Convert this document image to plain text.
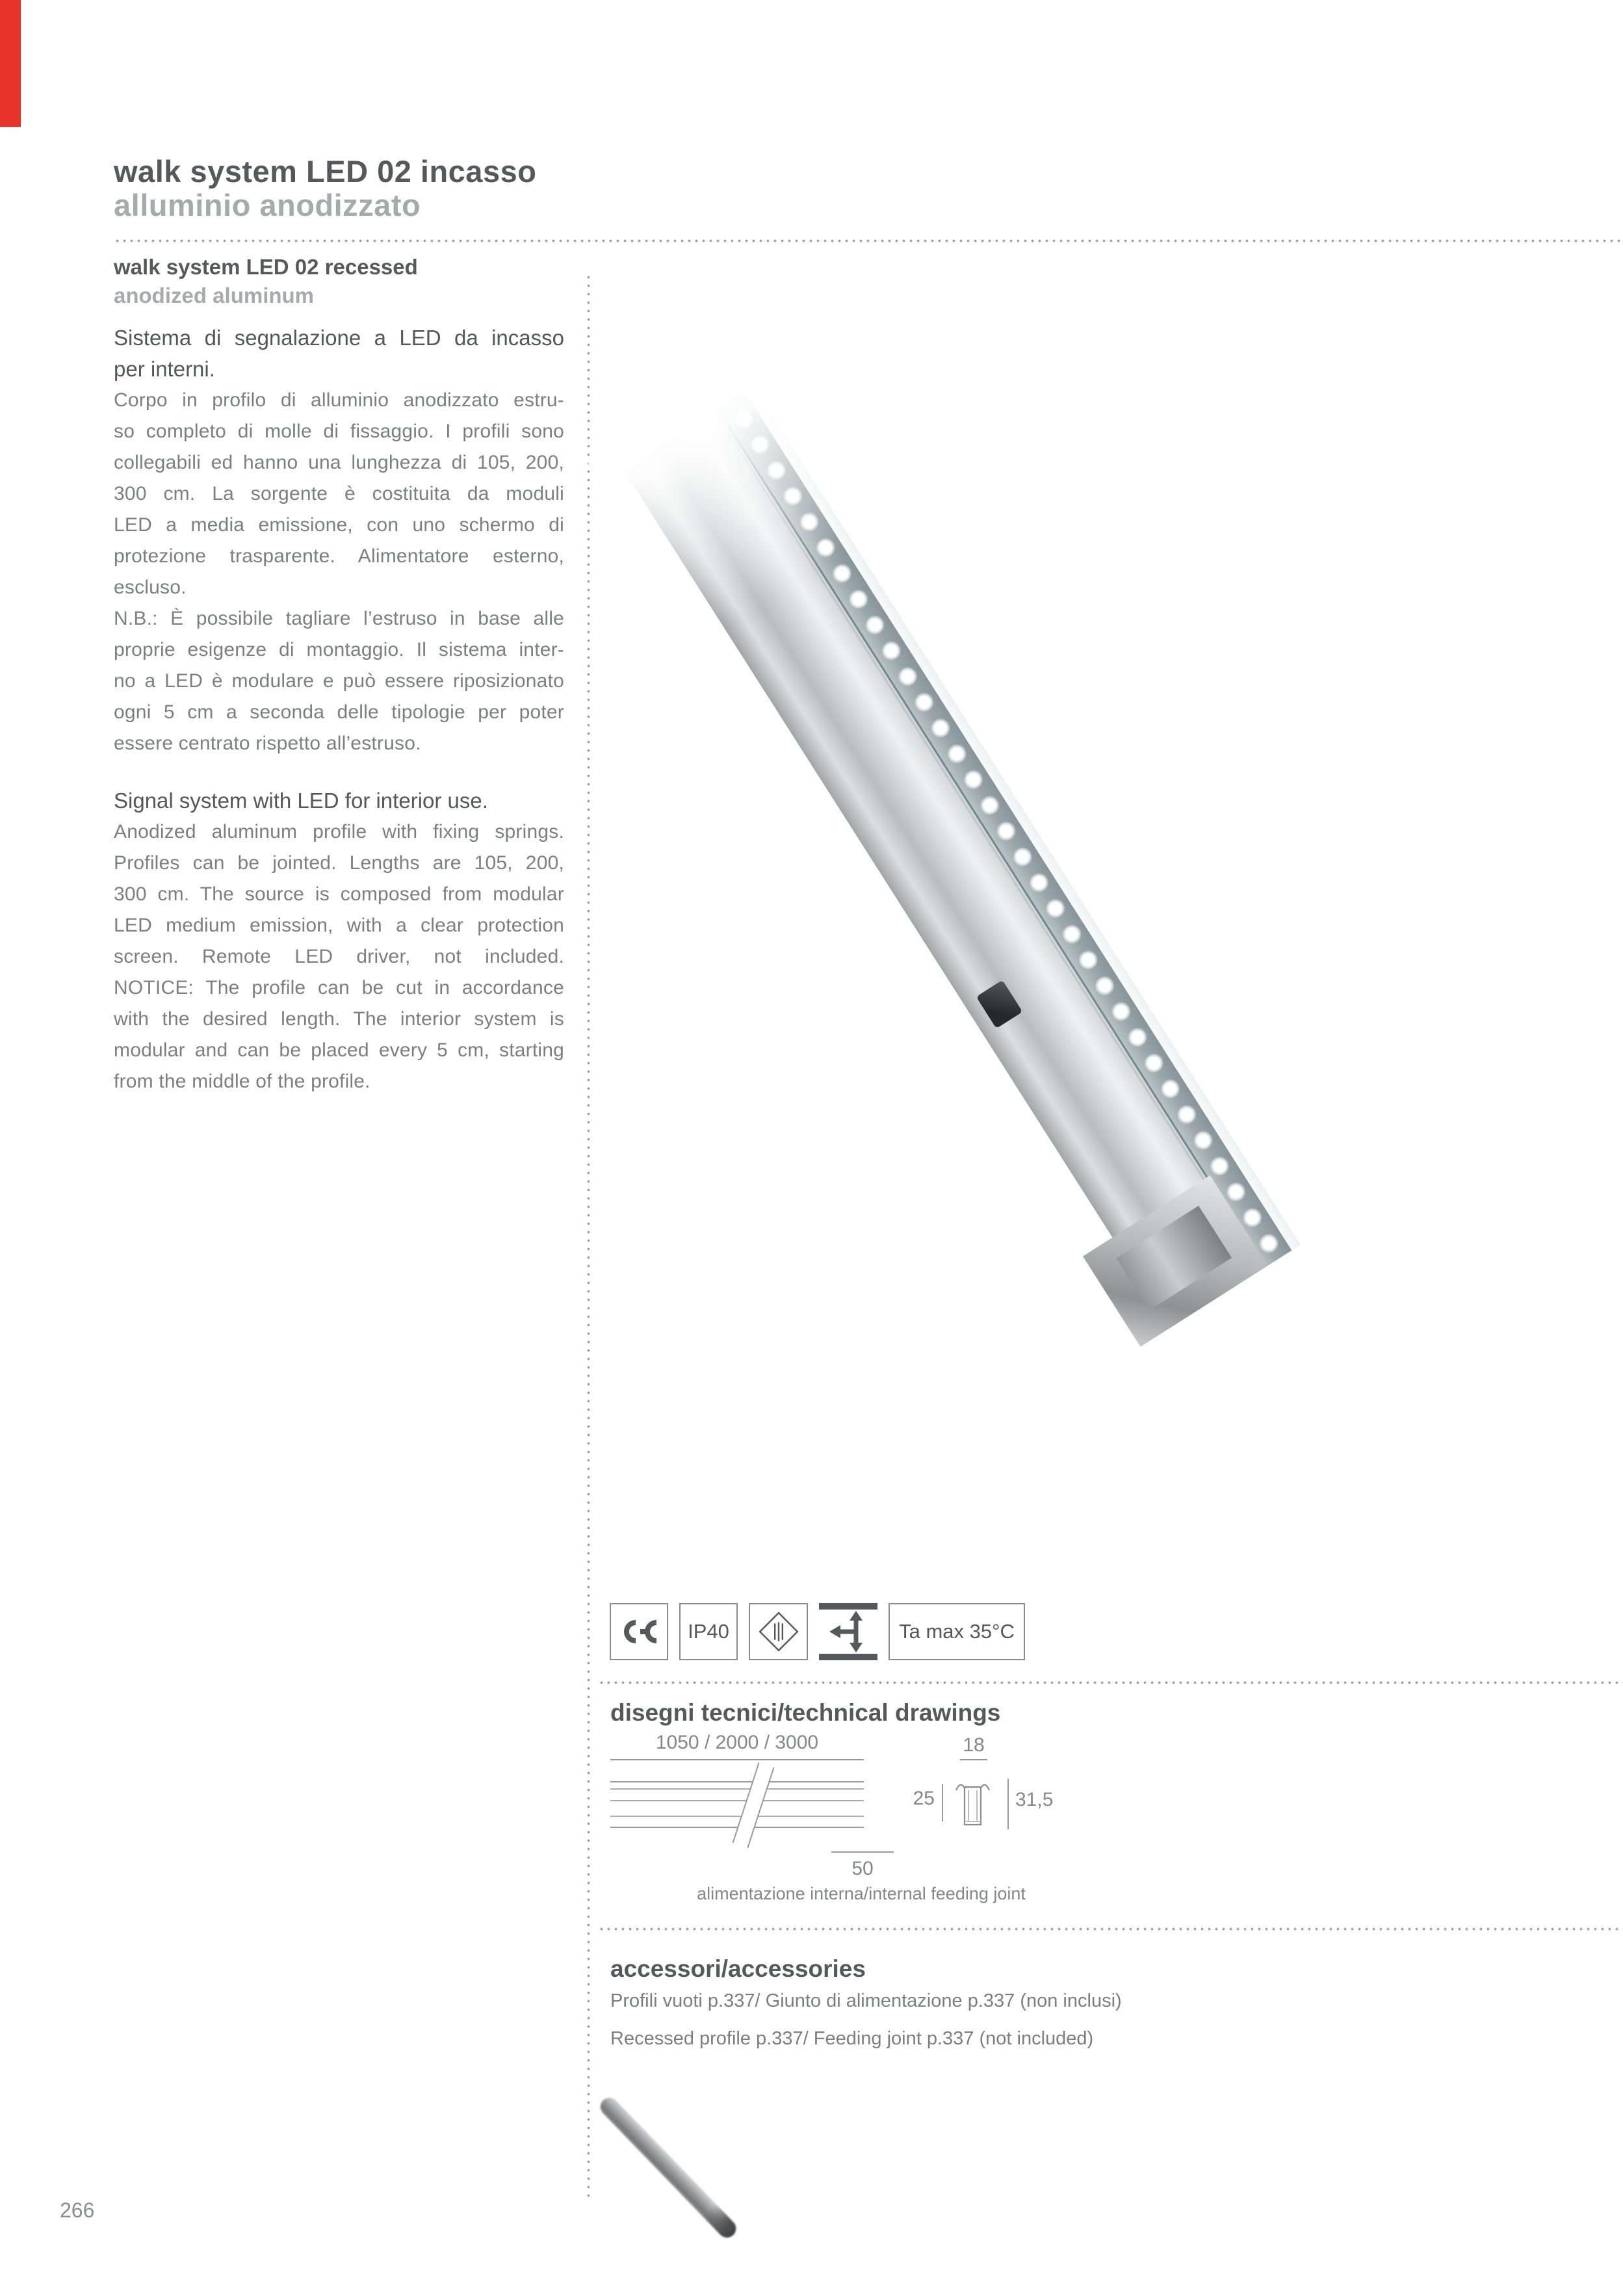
walk system LED 02 incasso
alluminio anodizzato
walk system LED 02 recessed
anodized aluminum
Sistema di segnalazione a LED da incasso
per interni.
Corpo in profilo di alluminio anodizzato estru-
so completo di molle di fissaggio. I profili sono
collegabili ed hanno una lunghezza di 105, 200,
300 cm. La sorgente è costituita da moduli
LED a media emissione, con uno schermo di
protezione trasparente. Alimentatore esterno,
escluso.
N.B.: È possibile tagliare l’estruso in base alle
proprie esigenze di montaggio. Il sistema inter-
no a LED è modulare e può essere riposizionato
ogni 5 cm a seconda delle tipologie per poter
essere centrato rispetto all’estruso.
Signal system with LED for interior use.
Anodized aluminum profile with fixing springs.
Profiles can be jointed. Lengths are 105, 200,
300 cm. The source is composed from modular
LED medium emission, with a clear protection
screen. Remote LED driver, not included.
NOTICE: The profile can be cut in accordance
with the desired length. The interior system is
modular and can be placed every 5 cm, starting
from the middle of the profile.
IP40	Ta max 35°C
disegni tecnici/technical drawings
1050 / 2000 / 3000	18
25	31,5
50
alimentazione interna/internal feeding joint
accessori/accessories
Profili vuoti p.337/ Giunto di alimentazione p.337 (non inclusi)
Recessed profile p.337/ Feeding joint p.337 (not included)
266
